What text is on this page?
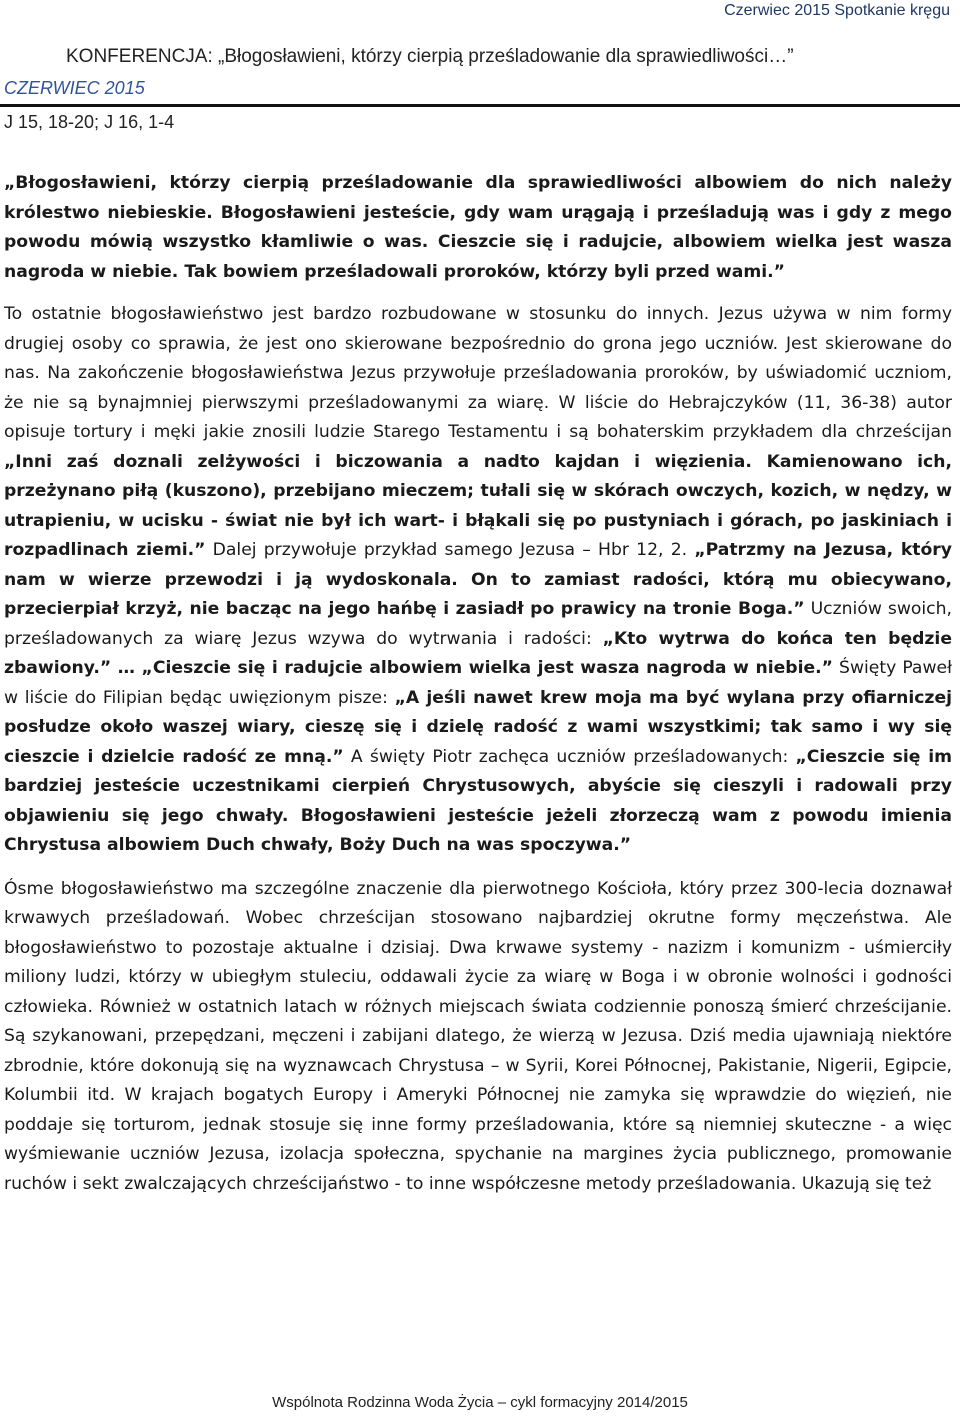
Czerwiec 2015 Spotkanie kręgu
KONFERENCJA: „Błogosławieni, którzy cierpią prześladowanie dla sprawiedliwości…”
CZERWIEC 2015
J 15, 18-20; J 16, 1-4

„Błogosławieni, którzy cierpią prześladowanie dla sprawiedliwości albowiem do nich należy królestwo niebieskie. Błogosławieni jesteście, gdy wam urągają i prześladują was i gdy z mego powodu mówią wszystko kłamliwie o was. Cieszcie się i radujcie, albowiem wielka jest wasza nagroda w niebie. Tak bowiem prześladowali proroków, którzy byli przed wami.”

To ostatnie błogosławieństwo jest bardzo rozbudowane w stosunku do innych. Jezus używa w nim formy drugiej osoby co sprawia, że jest ono skierowane bezpośrednio do grona jego uczniów. Jest skierowane do nas. Na zakończenie błogosławieństwa Jezus przywołuje prześladowania proroków, by uświadomić uczniom, że nie są bynajmniej pierwszymi prześladowanymi za wiarę. W liście do Hebrajczyków (11, 36-38) autor opisuje tortury i męki jakie znosili ludzie Starego Testamentu i są bohaterskim przykładem dla chrześcijan „Inni zaś doznali zelżywości i biczowania a nadto kajdan i więzienia. Kamienowano ich, przeżynano piłą (kuszono), przebijano mieczem; tułali się w skórach owczych, kozich, w nędzy, w utrapieniu, w ucisku - świat nie był ich wart- i błąkali się po pustyniach i górach, po jaskiniach i rozpadlinach ziemi.” Dalej przywołuje przykład samego Jezusa – Hbr 12, 2. „Patrzmy na Jezusa, który nam w wierze przewodzi i ją wydoskonala. On to zamiast radości, którą mu obiecywano, przecierpiał krzyż, nie bacząc na jego hańbę i zasiadł po prawicy na tronie Boga.” Uczniów swoich, prześladowanych za wiarę Jezus wzywa do wytrwania i radości: „Kto wytrwa do końca ten będzie zbawiony.” … „Cieszcie się i radujcie albowiem wielka jest wasza nagroda w niebie.” Święty Paweł w liście do Filipian będąc uwięzionym pisze: „A jeśli nawet krew moja ma być wylana przy ofiarniczej posłudze około waszej wiary, cieszę się i dzielę radość z wami wszystkimi; tak samo i wy się cieszcie i dzielcie radość ze mną.” A święty Piotr zachęca uczniów prześladowanych: „Cieszcie się im bardziej jesteście uczestnikami cierpień Chrystusowych, abyście się cieszyli i radowali przy objawieniu się jego chwały. Błogosławieni jesteście jeżeli złorzeczą wam z powodu imienia Chrystusa albowiem Duch chwały, Boży Duch na was spoczywa.”

Ósme błogosławieństwo ma szczególne znaczenie dla pierwotnego Kościoła, który przez 300-lecia doznawał krwawych prześladowań. Wobec chrześcijan stosowano najbardziej okrutne formy męczeństwa. Ale błogosławieństwo to pozostaje aktualne i dzisiaj. Dwa krwawe systemy - nazizm i komunizm - uśmierciły miliony ludzi, którzy w ubiegłym stuleciu, oddawali życie za wiarę w Boga i w obronie wolności i godności człowieka. Również w ostatnich latach w różnych miejscach świata codziennie ponoszą śmierć chrześcijanie. Są szykanowani, przepędzani, męczeni i zabijani dlatego, że wierzą w Jezusa. Dziś media ujawniają niektóre zbrodnie, które dokonują się na wyznawcach Chrystusa – w Syrii, Korei Północnej, Pakistanie, Nigerii, Egipcie, Kolumbii itd. W krajach bogatych Europy i Ameryki Północnej nie zamyka się wprawdzie do więzień, nie poddaje się torturom, jednak stosuje się inne formy prześladowania, które są niemniej skuteczne - a więc wyśmiewanie uczniów Jezusa, izolacja społeczna, spychanie na margines życia publicznego, promowanie ruchów i sekt zwalczających chrześcijaństwo - to inne współczesne metody prześladowania. Ukazują się też

Wspólnota Rodzinna Woda Życia – cykl formacyjny 2014/2015
